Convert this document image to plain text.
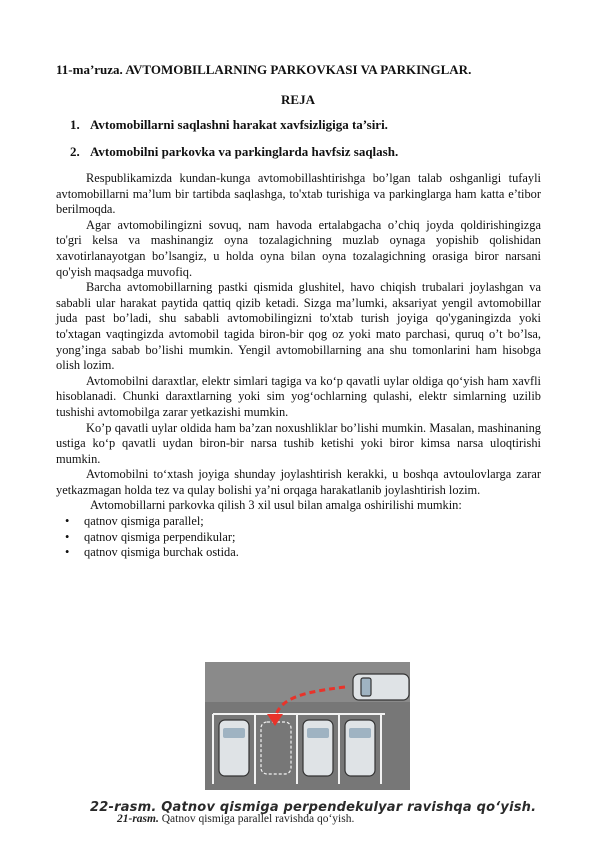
11-ma’ruza. AVTOMOBILLARNING PARKOVKASI VA PARKINGLAR.
REJA
1. Avtomobillarni saqlashni harakat xavfsizligiga ta’siri.
2. Avtomobilni parkovka va parkinglarda havfsiz saqlash.

Respublikamizda kundan-kunga avtomobillashtirishga bo’lgan talab oshganligi tufayli avtomobillarni ma’lum bir tartibda saqlashga, to'xtab turishiga va parkinglarga ham katta e’tibor berilmoqda.

Agar avtomobilingizni sovuq, nam havoda ertalabgacha o’chiq joyda qoldirishingizga to'gri kelsa va mashinangiz oyna tozalagichning muzlab oynaga yopishib qolishidan xavotirlanayotgan bo’lsangiz, u holda oyna bilan oyna tozalagichning orasiga biror narsani qo'yish maqsadga muvofiq.

Barcha avtomobillarning pastki qismida glushitel, havo chiqish trubalari joylashgan va sababli ular harakat paytida qattiq qizib ketadi. Sizga ma’lumki, aksariyat yengil avtomobillar juda past bo’ladi, shu sababli avtomobilingizni to'xtab turish joyiga qo'yganingizda yoki to'xtagan vaqtingizda avtomobil tagida biron-bir qog oz yoki mato parchasi, quruq o’t bo’lsa, yong’inga sabab bo’lishi mumkin. Yengil avtomobillarning ana shu tomonlarini ham hisobga olish lozim.

Avtomobilni daraxtlar, elektr simlari tagiga va ko‘p qavatli uylar oldiga qo‘yish ham xavfli hisoblanadi. Chunki daraxtlarning yoki sim yog‘ochlarning qulashi, elektr simlarning uzilib tushishi avtomobilga zarar yetkazishi mumkin.

Ko’p qavatli uylar oldida ham ba’zan noxushliklar bo’lishi mumkin. Masalan, mashinaning ustiga ko‘p qavatli uydan biron-bir narsa tushib ketishi yoki biror kimsa narsa uloqtirishi mumkin.

Avtomobilni to‘xtash joyiga shunday joylashtirish kerakki, u boshqa avtoulovlarga zarar yetkazmagan holda tez va qulay bolishi ya’ni orqaga harakatlanib joylashtirish lozim.

Avtomobillarni parkovka qilish 3 xil usul bilan amalga oshirilishi mumkin:

• qatnov qismiga parallel;
• qatnov qismiga perpendikular;
• qatnov qismiga burchak ostida.
22-rasm. Qatnov qismiga perpendekulyar ravishqa qo‘yish.
21-rasm. Qatnov qismiga parallel ravishda qo‘yish.
